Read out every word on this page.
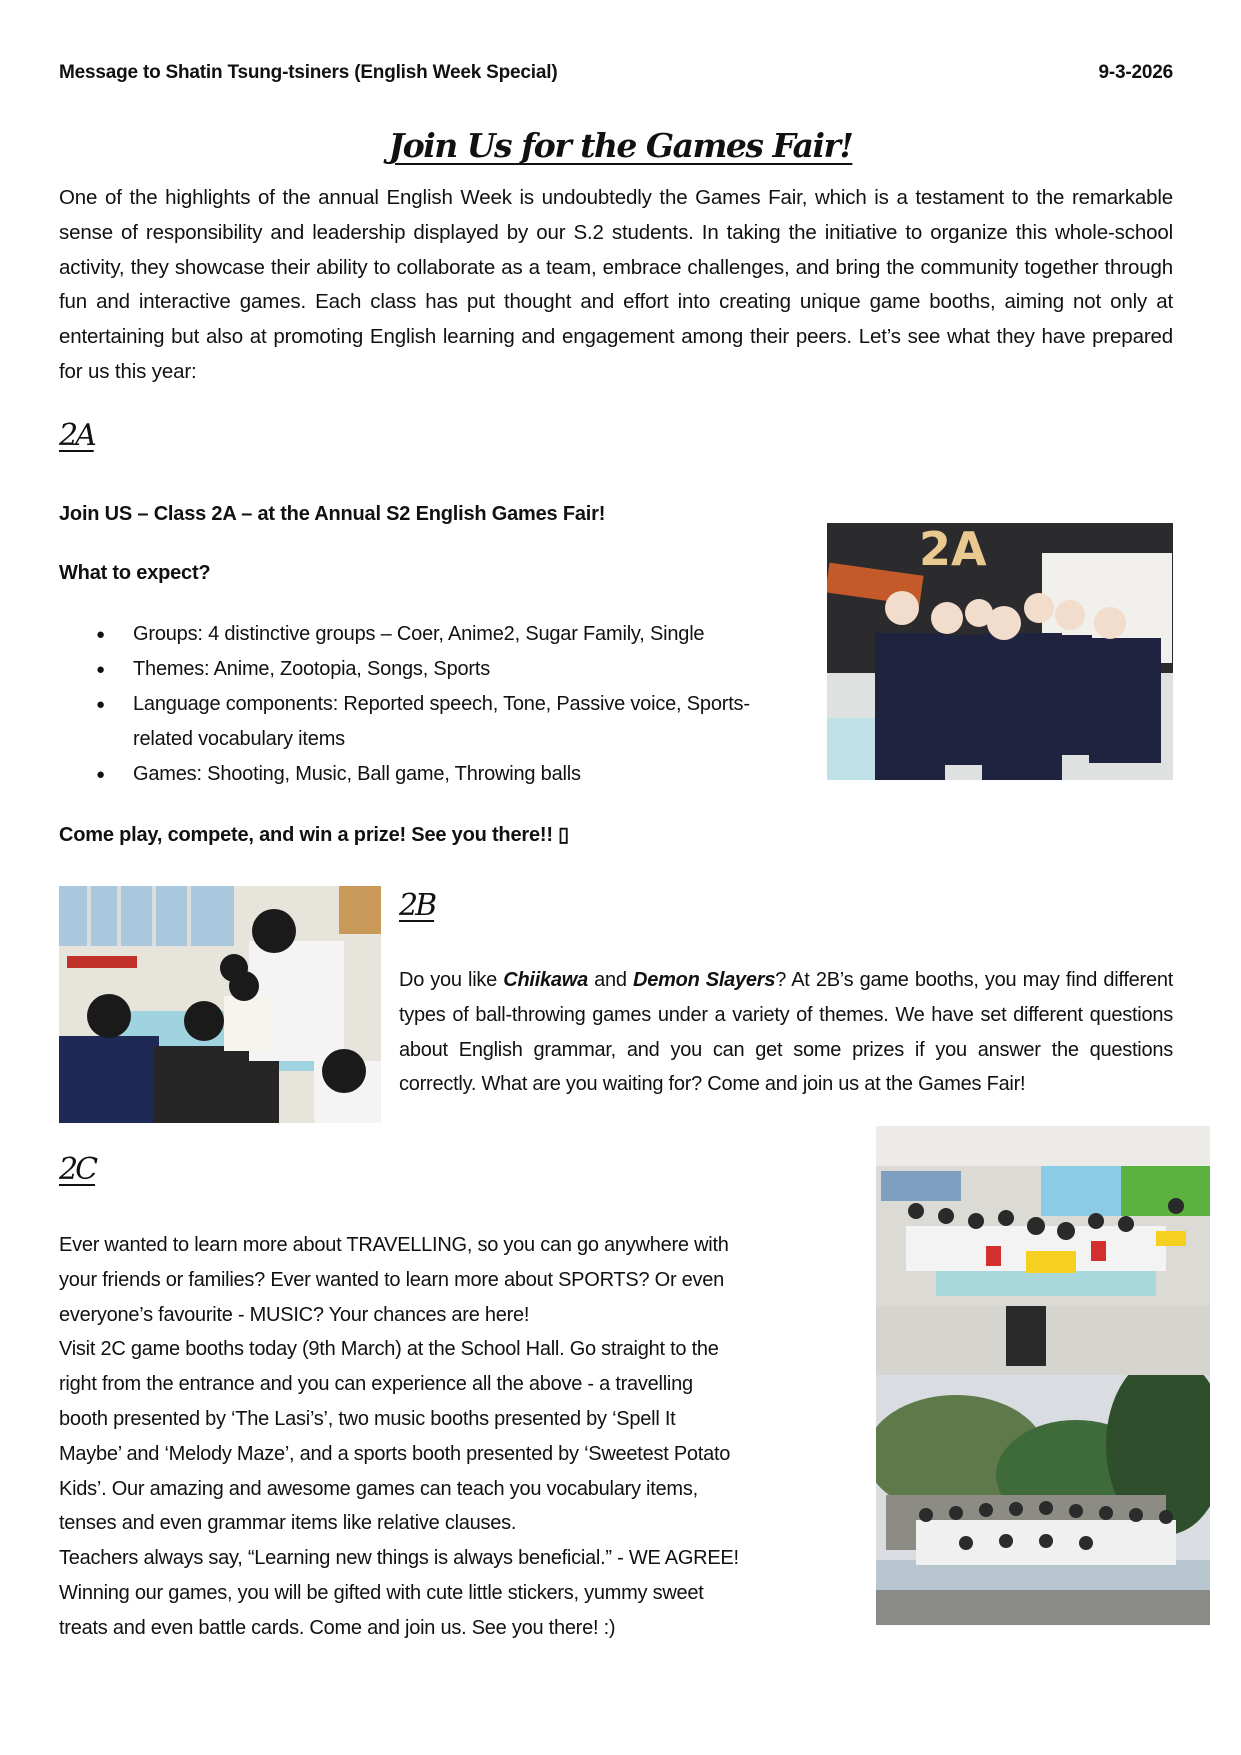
Message to Shatin Tsung-tsiners (English Week Special)	9-3-2026
Join Us for the Games Fair!
One of the highlights of the annual English Week is undoubtedly the Games Fair, which is a testament to the remarkable sense of responsibility and leadership displayed by our S.2 students. In taking the initiative to organize this whole-school activity, they showcase their ability to collaborate as a team, embrace challenges, and bring the community together through fun and interactive games. Each class has put thought and effort into creating unique game booths, aiming not only at entertaining but also at promoting English learning and engagement among their peers. Let’s see what they have prepared for us this year:
2A
Join US – Class 2A – at the Annual S2 English Games Fair!
What to expect?
● Groups: 4 distinctive groups – Coer, Anime2, Sugar Family, Single
● Themes: Anime, Zootopia, Songs, Sports
● Language components: Reported speech, Tone, Passive voice, Sports-related vocabulary items
● Games: Shooting, Music, Ball game, Throwing balls
Come play, compete, and win a prize! See you there!! ▯
2A
2B
Do you like Chiikawa and Demon Slayers? At 2B’s game booths, you may find different types of ball-throwing games under a variety of themes. We have set different questions about English grammar, and you can get some prizes if you answer the questions correctly. What are you waiting for? Come and join us at the Games Fair!
2C
Ever wanted to learn more about TRAVELLING, so you can go anywhere with
your friends or families? Ever wanted to learn more about SPORTS? Or even
everyone’s favourite - MUSIC? Your chances are here!
Visit 2C game booths today (9th March) at the School Hall. Go straight to the
right from the entrance and you can experience all the above - a travelling
booth presented by ‘The Lasi’s’, two music booths presented by ‘Spell It
Maybe’ and ‘Melody Maze’, and a sports booth presented by ‘Sweetest Potato
Kids’. Our amazing and awesome games can teach you vocabulary items,
tenses and even grammar items like relative clauses.
Teachers always say, “Learning new things is always beneficial.” - WE AGREE!
Winning our games, you will be gifted with cute little stickers, yummy sweet
treats and even battle cards. Come and join us. See you there! :)
